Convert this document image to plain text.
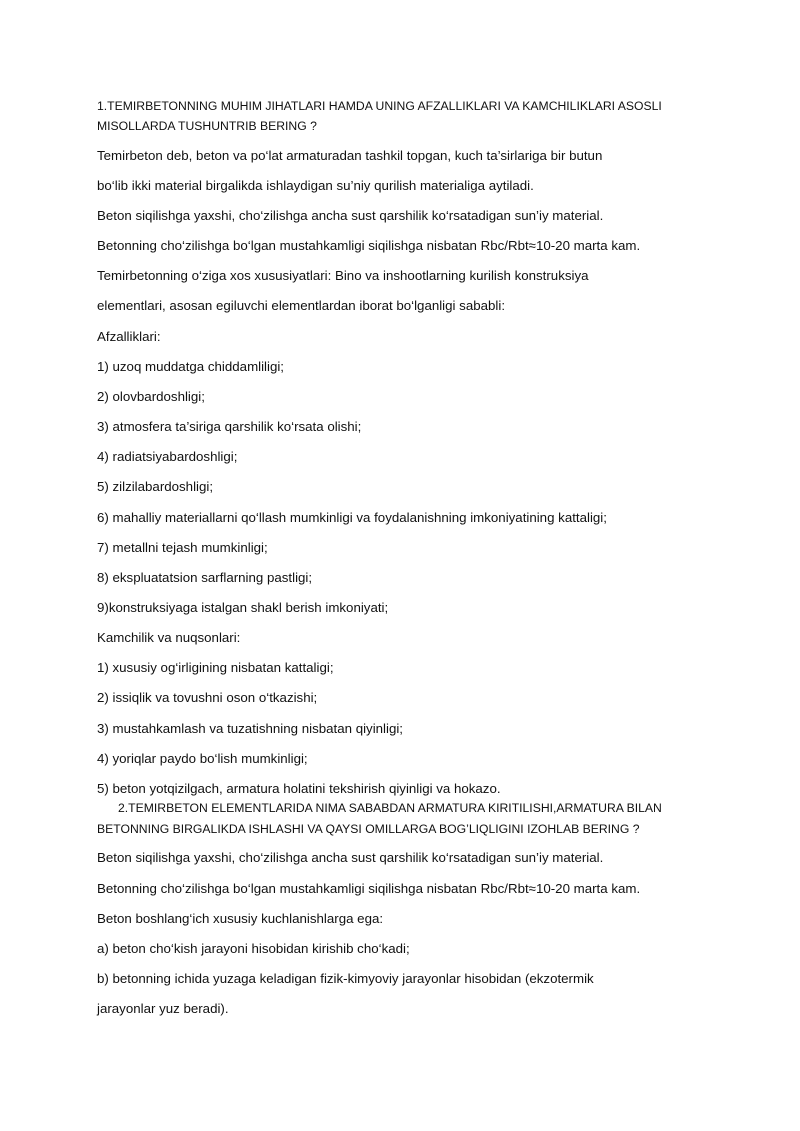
1.TEMIRBETONNING MUHIM JIHATLARI HAMDA UNING AFZALLIKLARI VA KAMCHILIKLARI ASOSLI
MISOLLARDA TUSHUNTRIB BERING ?
Temirbeton deb, beton va po‘lat armaturadan tashkil topgan, kuch ta’sirlariga bir butun
bo‘lib ikki material birgalikda ishlaydigan su’niy qurilish materialiga aytiladi.
Beton siqilishga yaxshi, cho‘zilishga ancha sust qarshilik ko‘rsatadigan sun’iy material.
Betonning cho‘zilishga bo‘lgan mustahkamligi siqilishga nisbatan Rbc/Rbt≈10-20 marta kam.
Temirbetonning o‘ziga xos xususiyatlari: Bino va inshootlarning kurilish konstruksiya
elementlari, asosan egiluvchi elementlardan iborat bo‘lganligi sababli:
Afzalliklari:
1) uzoq muddatga chiddamliligi;
2) olovbardoshligi;
3) atmosfera ta’siriga qarshilik ko‘rsata olishi;
4) radiatsiyabardoshligi;
5) zilzilabardoshligi;
6) mahalliy materiallarni qo‘llash mumkinligi va foydalanishning imkoniyatining kattaligi;
7) metallni tejash mumkinligi;
8) ekspluatatsion sarflarning pastligi;
9)konstruksiyaga istalgan shakl berish imkoniyati;
Kamchilik va nuqsonlari:
1) xususiy og‘irligining nisbatan kattaligi;
2) issiqlik va tovushni oson o‘tkazishi;
3) mustahkamlash va tuzatishning nisbatan qiyinligi;
4) yoriqlar paydo bo‘lish mumkinligi;
5) beton yotqizilgach, armatura holatini tekshirish qiyinligi va hokazo.
2.TEMIRBETON ELEMENTLARIDA NIMA SABABDAN ARMATURA KIRITILISHI,ARMATURA BILAN
BETONNING BIRGALIKDA ISHLASHI VA QAYSI OMILLARGA BOG’LIQLIGINI IZOHLAB BERING ?
Beton siqilishga yaxshi, cho‘zilishga ancha sust qarshilik ko‘rsatadigan sun’iy material.
Betonning cho‘zilishga bo‘lgan mustahkamligi siqilishga nisbatan Rbc/Rbt≈10-20 marta kam.
Beton boshlang‘ich xususiy kuchlanishlarga ega:
a) beton cho‘kish jarayoni hisobidan kirishib cho‘kadi;
b) betonning ichida yuzaga keladigan fizik-kimyoviy jarayonlar hisobidan (ekzotermik
jarayonlar yuz beradi).
